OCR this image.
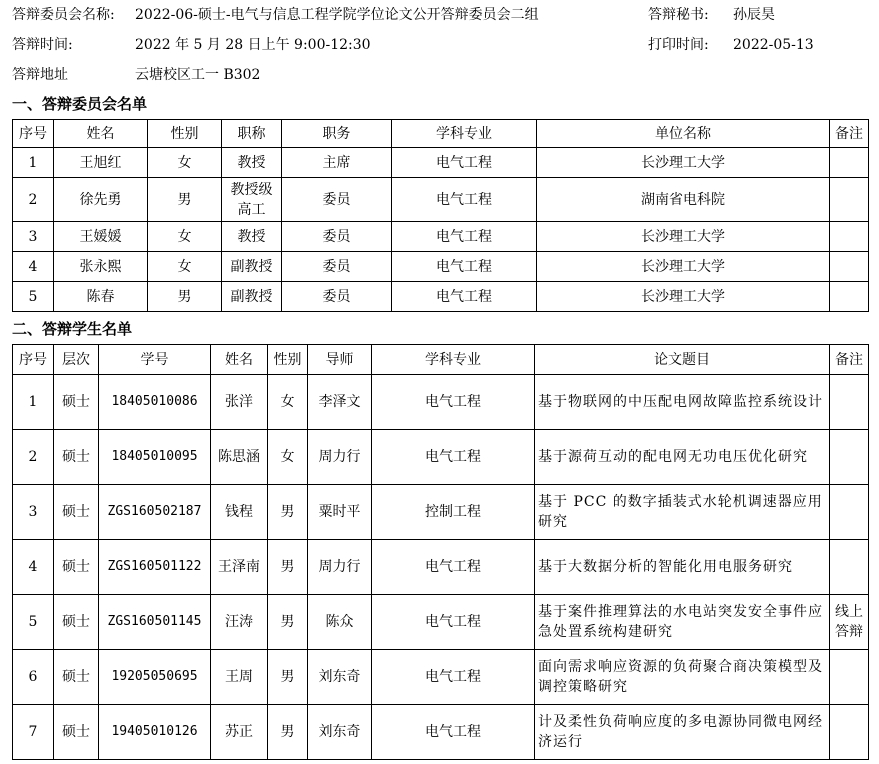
答辩委员会名称: 2022-06-硕士-电气与信息工程学院学位论文公开答辩委员会二组	答辩秘书: 孙辰昊
答辩时间:	2022 年 5 月 28 日上午 9:00-12:30	打印时间: 2022-05-13
答辩地址	云塘校区工一 B302
一、答辩委员会名单
序号	姓名	性别	职称	职务	学科专业	单位名称	备注
1	王旭红	女	教授	主席	电气工程	长沙理工大学	
2	徐先勇	男	教授级高工	委员	电气工程	湖南省电科院	
3	王媛媛	女	教授	委员	电气工程	长沙理工大学	
4	张永熙	女	副教授	委员	电气工程	长沙理工大学	
5	陈春	男	副教授	委员	电气工程	长沙理工大学	
二、答辩学生名单
序号	层次	学号	姓名	性别	导师	学科专业	论文题目	备注
1	硕士	18405010086	张洋	女	李泽文	电气工程	基于物联网的中压配电网故障监控系统设计	
2	硕士	18405010095	陈思涵	女	周力行	电气工程	基于源荷互动的配电网无功电压优化研究	
3	硕士	ZGS160502187	钱程	男	粟时平	控制工程	基于 PCC 的数字插装式水轮机调速器应用研究	
4	硕士	ZGS160501122	王泽南	男	周力行	电气工程	基于大数据分析的智能化用电服务研究	
5	硕士	ZGS160501145	汪涛	男	陈众	电气工程	基于案件推理算法的水电站突发安全事件应急处置系统构建研究	线上答辩
6	硕士	19205050695	王周	男	刘东奇	电气工程	面向需求响应资源的负荷聚合商决策模型及调控策略研究	
7	硕士	19405010126	苏正	男	刘东奇	电气工程	计及柔性负荷响应度的多电源协同微电网经济运行	
